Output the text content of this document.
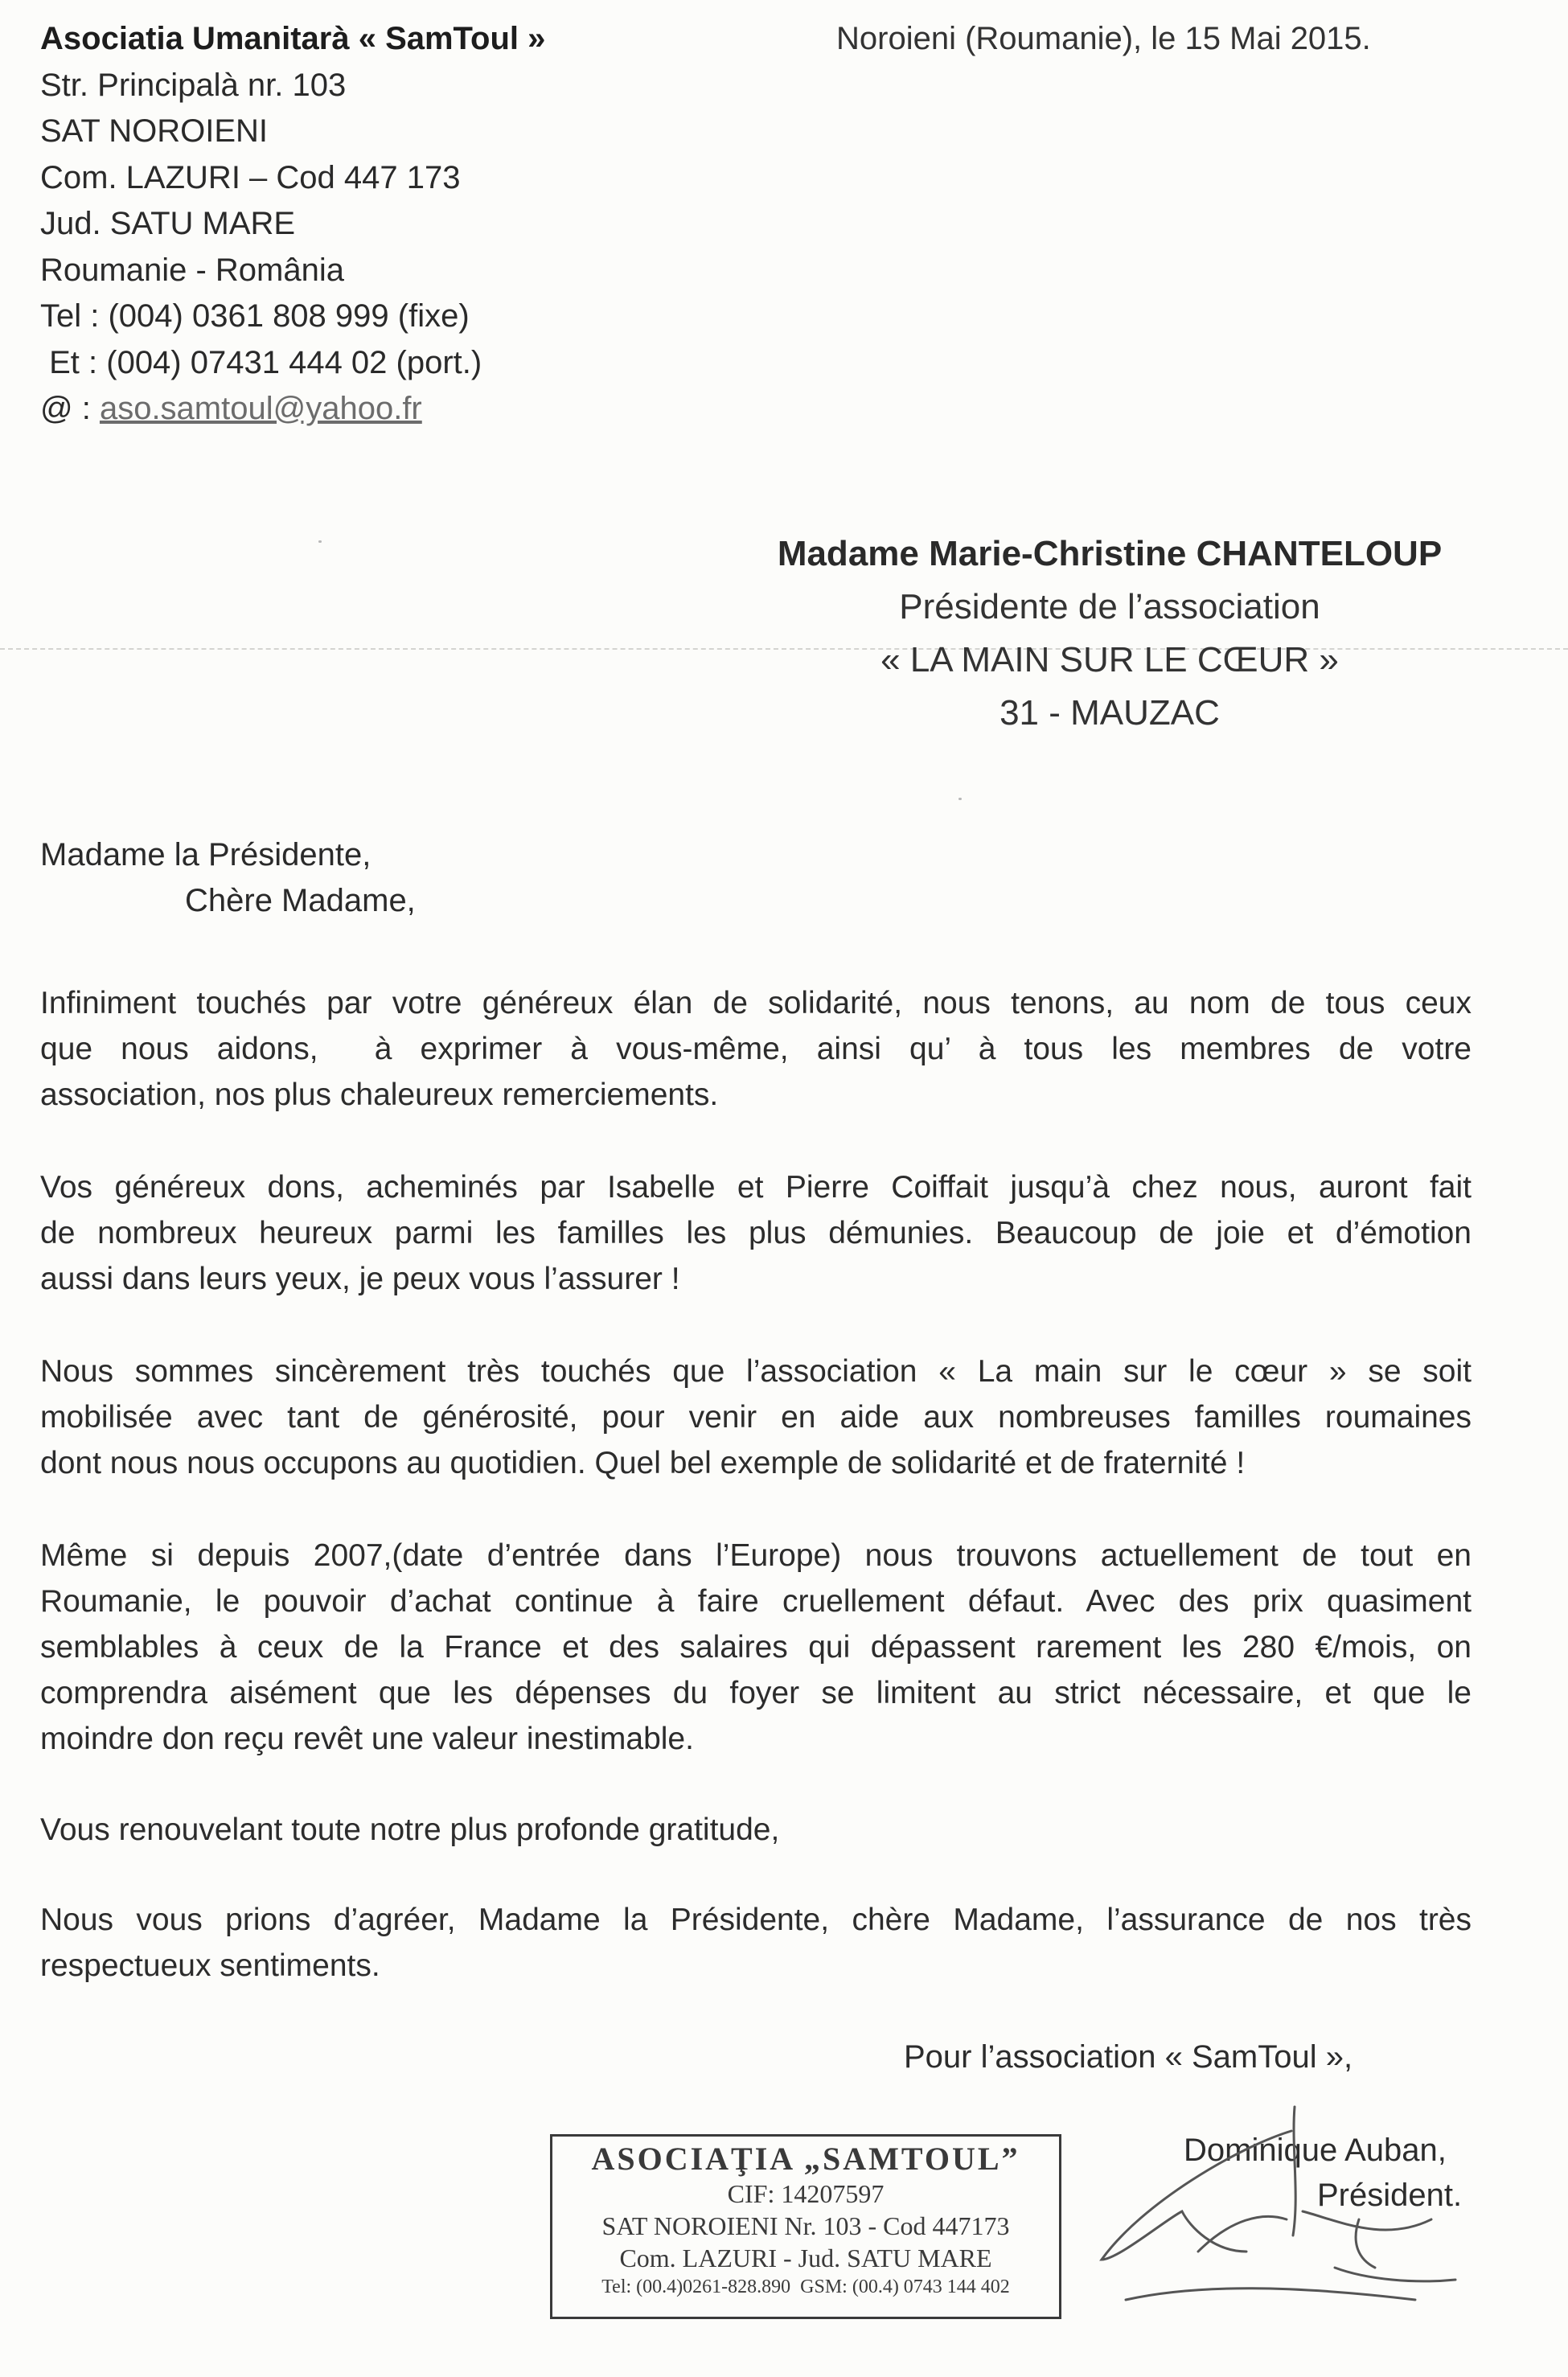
Asociatia Umanitarà « SamToul »
Str. Principalà nr. 103
SAT NOROIENI
Com. LAZURI – Cod 447 173
Jud. SATU MARE
Roumanie - România
Tel : (004) 0361 808 999 (fixe)
Et : (004) 07431 444 02 (port.)
@ : aso.samtoul@yahoo.fr
Noroieni (Roumanie), le 15 Mai 2015.
Madame Marie-Christine CHANTELOUP
Présidente de l’association
« LA MAIN SUR LE CŒUR »
31 - MAUZAC
Madame la Présidente,
Chère Madame,
Infiniment touchés par votre généreux élan de solidarité, nous tenons, au nom de tous ceux
que nous aidons,  à exprimer à vous-même, ainsi qu’ à tous les membres de votre
association, nos plus chaleureux remerciements.
Vos généreux dons, acheminés par Isabelle et Pierre Coiffait jusqu’à chez nous, auront fait
de nombreux heureux parmi les familles les plus démunies. Beaucoup de joie et d’émotion
aussi dans leurs yeux, je peux vous l’assurer !
Nous sommes sincèrement très touchés que l’association « La main sur le cœur » se soit
mobilisée avec tant de générosité, pour venir en aide aux nombreuses familles roumaines
dont nous nous occupons au quotidien. Quel bel exemple de solidarité et de fraternité !
Même si depuis 2007,(date d’entrée dans l’Europe) nous trouvons actuellement de tout en
Roumanie, le pouvoir d’achat continue à faire cruellement défaut. Avec des prix quasiment
semblables à ceux de la France et des salaires qui dépassent rarement les 280 €/mois, on
comprendra aisément que les dépenses du foyer se limitent au strict nécessaire, et que le
moindre don reçu revêt une valeur inestimable.
Vous renouvelant toute notre plus profonde gratitude,
Nous vous prions d’agréer, Madame la Présidente, chère Madame, l’assurance de nos très
respectueux sentiments.
Pour l’association « SamToul »,
Dominique Auban,
Président.
ASOCIAŢIA „SAMTOUL”
CIF: 14207597
SAT NOROIENI Nr. 103 - Cod 447173
Com. LAZURI - Jud. SATU MARE
Tel: (00.4)0261-828.890  GSM: (00.4) 0743 144 402
